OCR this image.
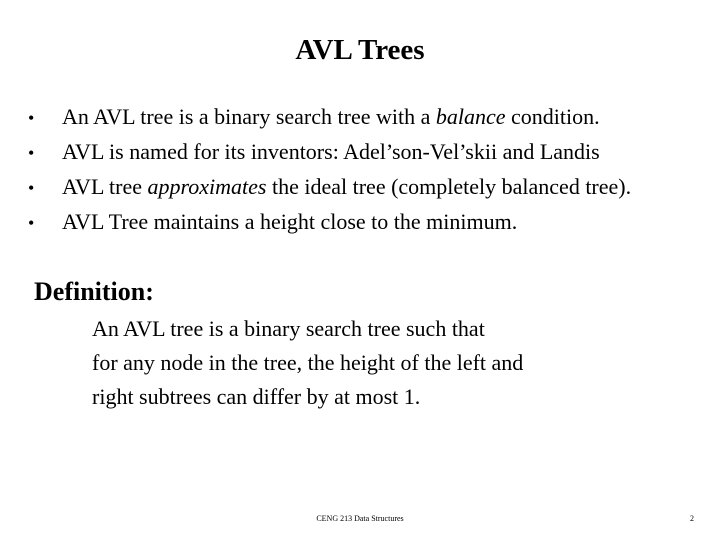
AVL Trees
•	An AVL tree is a binary search tree with a balance condition.
•	AVL is named for its inventors: Adel’son-Vel’skii and Landis
•	AVL tree approximates the ideal tree (completely balanced tree).
•	AVL Tree maintains a height close to the minimum.
Definition:
An AVL tree is a binary search tree such that
for any node in the tree, the height of the left and
right subtrees can differ by at most 1.
CENG 213 Data Structures	2
